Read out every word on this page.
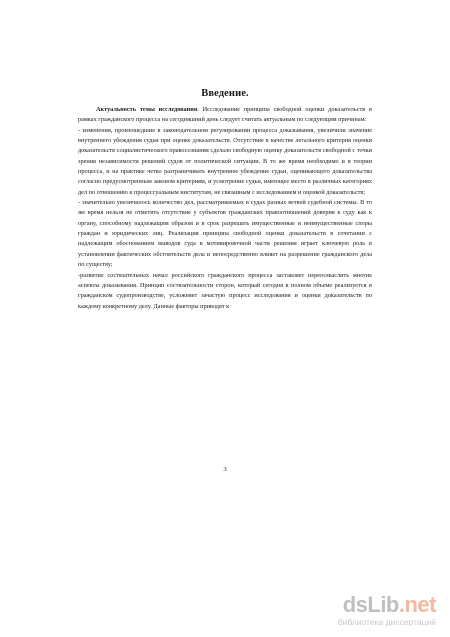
Введение.

Актуальность темы исследования. Исследование принципа свободной оценки доказательств в рамках гражданского процесса на сегодняшний день следует считать актуальным по следующим причинам:

- изменения, произошедшие в законодательном регулировании процесса доказывания, увеличили значение внутреннего убеждения судьи при оценке доказательств. Отсутствие в качестве легального критерия оценки доказательств социалистического правосознания сделало свободную оценку доказательств свободной с точки зрения независимости решений судов от политической ситуации. В то же время необходимо и в теории процесса, и на практике четко разграничивать внутреннее убеждение судьи, оценивающего доказательства согласно предусмотренным законом критериям, и усмотрение судьи, имеющее место в различных категориях дел по отношению к процессуальным институтам, не связанным с исследованием и оценкой доказательств;

- значительно увеличилось количество дел, рассматриваемых в судах разных ветвей судебной системы. В то же время нельзя не отметить отсутствие у субъектов гражданских правоотношений доверия к суду как к органу, способному надлежащим образом и в срок разрешать имущественные и неимущественные споры граждан и юридических лиц. Реализация принципа свободной оценки доказательств в сочетании с надлежащим обоснованием выводов суда в мотивировочной части решения играет ключевую роль в установлении фактических обстоятельств дела и непосредственно влияет на разрешение гражданского дела по существу;

-развитие состязательных начал российского гражданского процесса заставляет переосмыслить многие аспекты доказывания. Принцип состязательности сторон, который сегодня в полном объеме реализуется в гражданском судопроизводстве, усложняет зачастую процесс исследования и оценки доказательств по каждому конкретному делу. Данные факторы приводят к

3
dsLib.net
библиотека диссертаций
